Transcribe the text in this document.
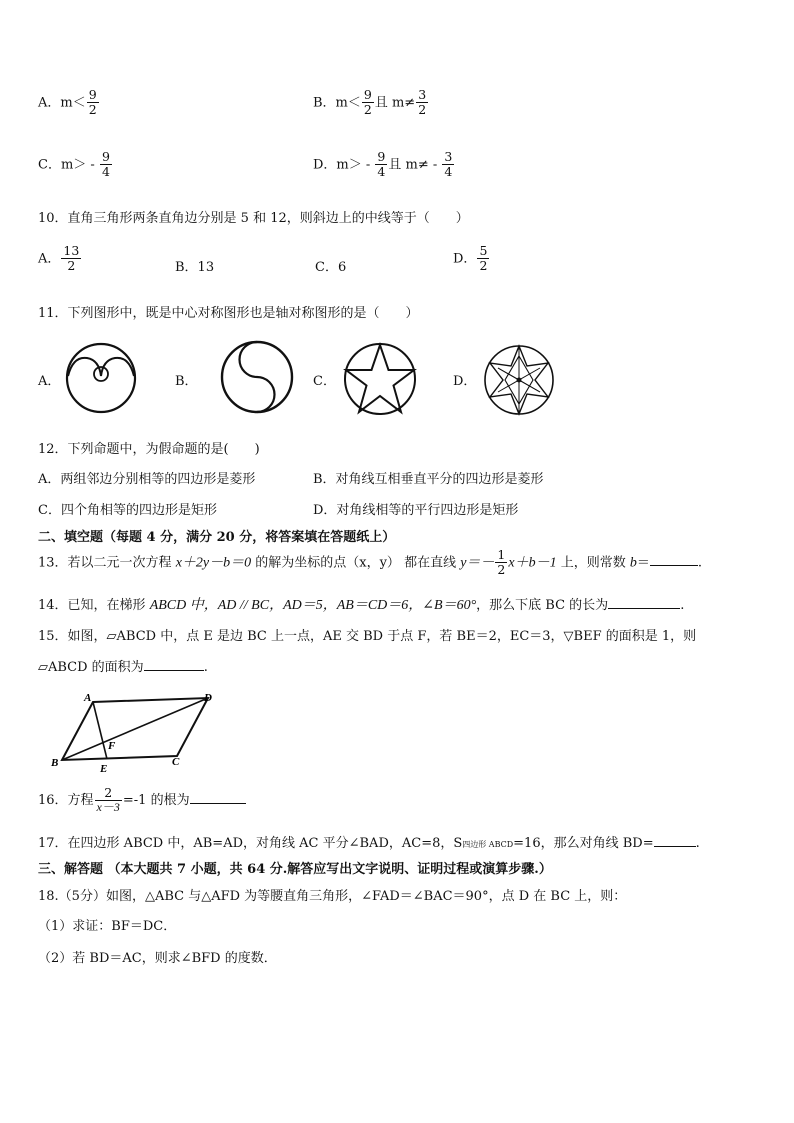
A．$m< \frac{9}{2}$	B．$m< \frac{9}{2}$ 且 $m\ne \frac{3}{2}$
C．$m> - \frac{9}{4}$	D．$m> - \frac{9}{4}$ 且 $m\ne - \frac{3}{4}$
10．直角三角形两条直角边分别是 5 和 12，则斜边上的中线等于（　　）
A． $\frac{13}{2}$	B．13	C．6
D． $\frac{5}{2}$
11．下列图形中，既是中心对称图形也是轴对称图形的是（　　）
A．	B．	C．	D．
12．下列命题中，为假命题的是(　　)
A．两组邻边分别相等的四边形是菱形	B．对角线互相垂直平分的四边形是菱形
C．四个角相等的四边形是矩形	D．对角线相等的平行四边形是矩形
二、填空题（每题 4 分，满分 20 分，将答案填在答题纸上）
13．若以二元一次方程 x＋2y－b＝0 的解为坐标的点（x，y） 都在直线 $y=- \frac{1}{2} x+b-1$ 上，则常数 b＝	.
14．已知，在梯形 ABCD 中，AD // BC，AD＝5，AB＝CD＝6，∠B＝60°，那么下底 BC 的长为	.
15．如图，▱ABCD 中，点 E 是边 BC 上一点，AE 交 BD 于点 F，若 BE＝2，EC＝3，▽BEF 的面积是 1，则
▱ABCD 的面积为	.
A	D
B	C
E
F
16．方程 $\frac{2}{x-3} =-1$ 的根为
17．在四边形 ABCD 中，AB=AD，对角线 AC 平分∠BAD，AC=8，S四边形 ABCD=16，那么对角线 BD=	.
三、解答题 （本大题共 7 小题，共 64 分.解答应写出文字说明、证明过程或演算步骤.）
18.（5分）如图，△ABC 与△AFD 为等腰直角三角形，∠FAD＝∠BAC＝90°，点 D 在 BC 上，则：
（1）求证：BF＝DC．
（2）若 BD＝AC，则求∠BFD 的度数．
